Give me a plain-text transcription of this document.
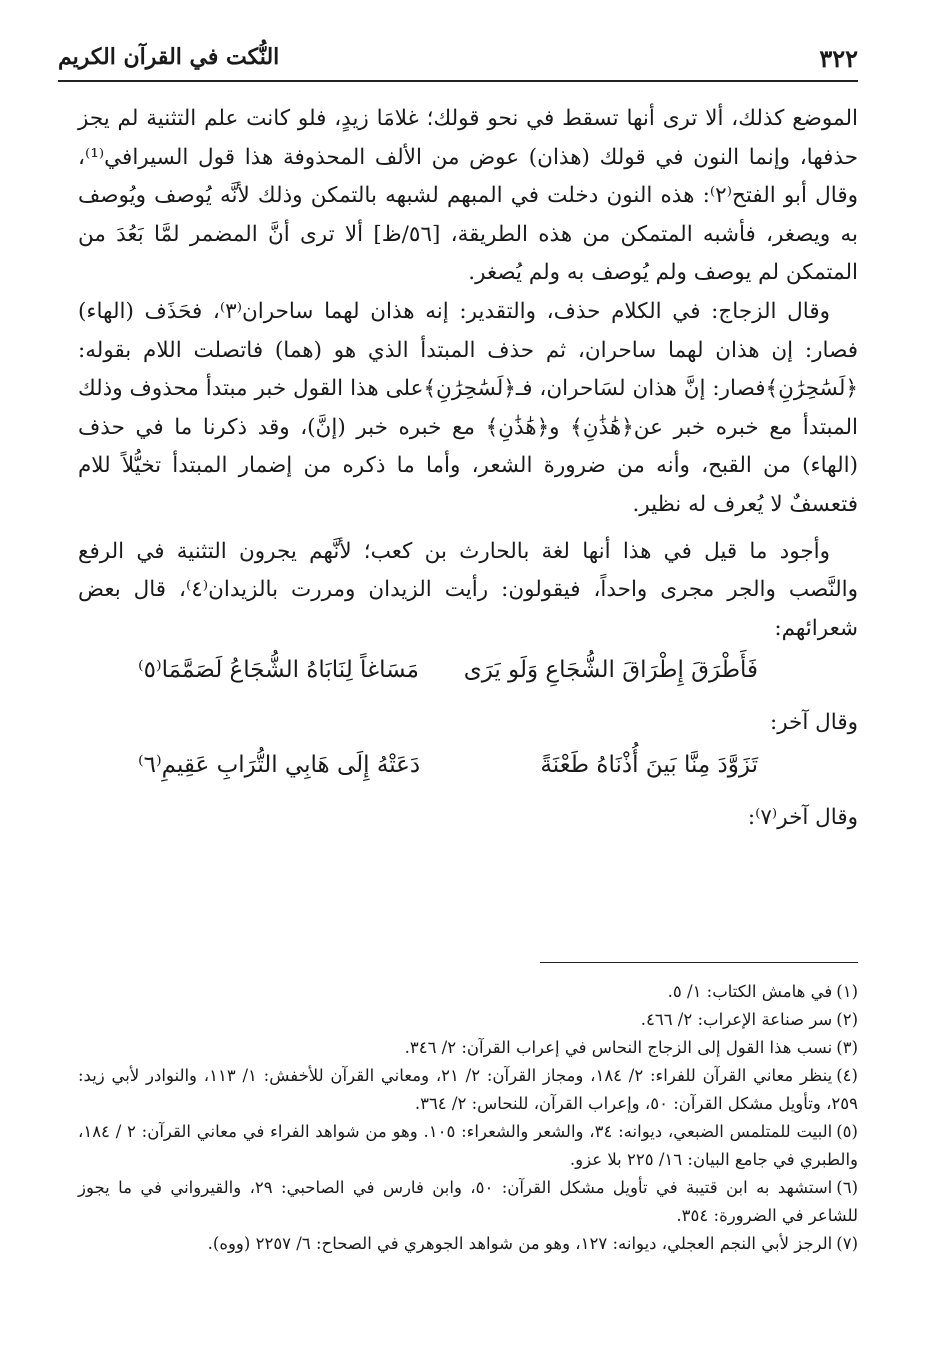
٣٢٢
النُّكت في القرآن الكريم

الموضع كذلك، ألا ترى أنها تسقط في نحو قولك؛ غلامَا زيدٍ، فلو كانت علم التثنية لم يجز حذفها، وإنما النون في قولك (هذان) عوض من الألف المحذوفة هذا قول السيرافي⁽¹⁾، وقال أبو الفتح⁽٢⁾: هذه النون دخلت في المبهم لشبهه بالتمكن وذلك لأنَّه يُوصف ويُوصف به ويصغر، فأشبه المتمكن من هذه الطريقة، [٥٦/ظ] ألا ترى أنَّ المضمر لمَّا بَعُدَ من المتمكن لم يوصف ولم يُوصف به ولم يُصغر.

وقال الزجاج: في الكلام حذف، والتقدير: إنه هذان لهما ساحران⁽٣⁾، فحَذَف (الهاء) فصار: إن هذان لهما ساحران، ثم حذف المبتدأ الذي هو (هما) فاتصلت اللام بقوله: ﴿لَسَٰحِرَٰنِ﴾فصار: إنَّ هذان لسَاحران، فـ﴿لَسَٰحِرَٰنِ﴾على هذا القول خبر مبتدأ محذوف وذلك المبتدأ مع خبره خبر عن﴿هَٰذَٰنِ﴾ و﴿هَٰذَٰنِ﴾ مع خبره خبر (إنَّ)، وقد ذكرنا ما في حذف (الهاء) من القبح، وأنه من ضرورة الشعر، وأما ما ذكره من إضمار المبتدأ تخيُّلاً للام فتعسفٌ لا يُعرف له نظير.

وأجود ما قيل في هذا أنها لغة بالحارث بن كعب؛ لأنَّهم يجرون التثنية في الرفع والنَّصب والجر مجرى واحداً، فيقولون: رأيت الزيدان ومررت بالزيدان⁽٤⁾، قال بعض شعرائهم:

فَأَطْرَقَ إِطْرَاقَ الشُّجَاعِ وَلَو يَرَى
مَسَاغاً لِنَابَاهُ الشُّجَاعُ لَصَمَّمَا⁽٥⁾

وقال آخر:

تَزَوَّدَ مِنَّا بَينَ أُذْنَاهُ طَعْنَةً
دَعَتْهُ إِلَى هَابِي التُّرَابِ عَقِيمِ⁽٦⁾

وقال آخر⁽٧⁾:

(١)في هامش الكتاب: ١/ ٥.

(٢)سر صناعة الإعراب: ٢/ ٤٦٦.

(٣)نسب هذا القول إلى الزجاج النحاس في إعراب القرآن: ٢/ ٣٤٦.

(٤)ينظر معاني القرآن للفراء: ٢/ ١٨٤، ومجاز القرآن: ٢/ ٢١، ومعاني القرآن للأخفش: ١/ ١١٣، والنوادر لأبي زيد: ٢٥٩، وتأويل مشكل القرآن: ٥٠، وإعراب القرآن، للنحاس: ٢/ ٣٦٤.

(٥)البيت للمتلمس الضبعي، ديوانه: ٣٤، والشعر والشعراء: ١٠٥. وهو من شواهد الفراء في معاني القرآن: ٢ / ١٨٤، والطبري في جامع البيان: ١٦/ ٢٢٥ بلا عزو.

(٦)استشهد به ابن قتيبة في تأويل مشكل القرآن: ٥٠، وابن فارس في الصاحبي: ٢٩، والقيرواني في ما يجوز للشاعر في الضرورة: ٣٥٤.

(٧)الرجز لأبي النجم العجلي، ديوانه: ١٢٧، وهو من شواهد الجوهري في الصحاح: ٦/ ٢٢٥٧ (ووه).
